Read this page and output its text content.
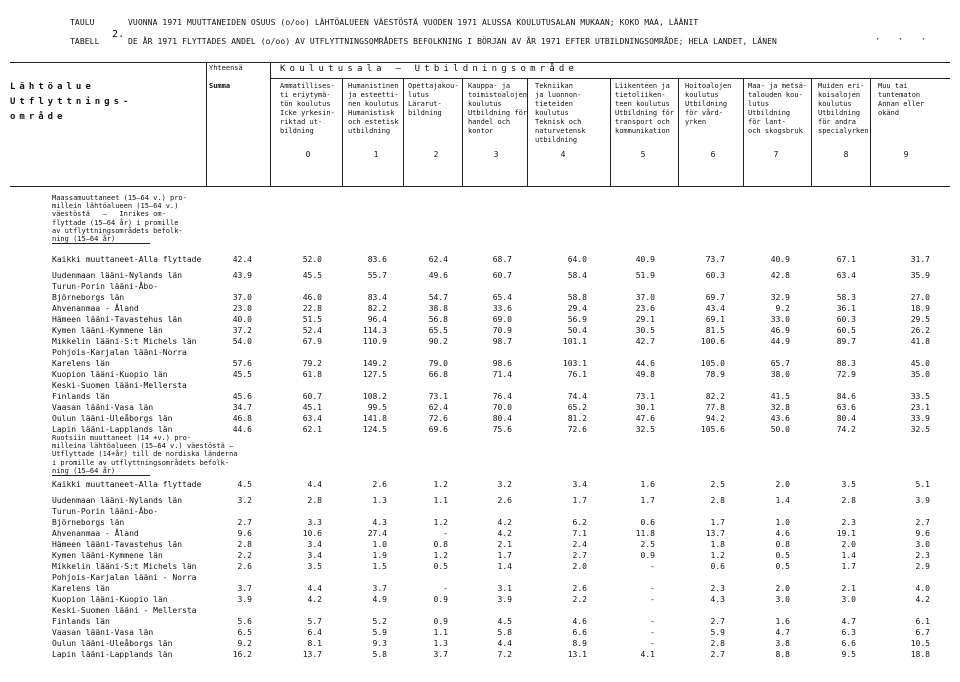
TAULU	VUONNA 1971 MUUTTANEIDEN OSUUS (o/oo) LÄHTÖALUEEN VÄESTÖSTÄ VUODEN 1971 ALUSSA KOULUTUSALAN MUKAAN; KOKO MAA, LÄÄNIT
TABELL
2.
DE ÅR 1971 FLYTTADES ANDEL (o/oo) AV UTFLYTTNINGSOMRÅDETS BEFOLKNING I BÖRJAN AV ÅR 1971 EFTER UTBILDNINGSOMRÅDE; HELA LANDET, LÄNEN	· · ·
Lähtöalue
Utflyttnings-
område
Yhteensä
Summa
Koulutusala – Utbildningsområde
Ammatillises-
ti eriytymä-
tön koulutus
Icke yrkesin-
riktad ut-
bildning
0
Humanistinen
ja esteetti-
nen koulutus
Humanistisk
och estetisk
utbildning
1
Opettajakou-
lutus
Lärarut-
bildning
2
Kauppa- ja
toimistoalojen
koulutus
Utbildning för
handel och
kontor
3
Tekniikan
ja luonnon-
tieteiden
koulutus
Teknisk och
naturvetensk
utbildning
4
Liikenteen ja
tietoliiken-
teen koulutus
Utbildning för
transport och
kommunikation
5
Hoitoalojen
koulutus
Utbildning
för vård-
yrken
6
Maa- ja metsä-
talouden kou-
lutus
Utbildning
för lant-
och skogsbruk
7
Muiden eri-
koisalojen
koulutus
Utbildning
för andra
specialyrken
8
Muu tai
tuntematon
Annan eller
okänd
9
Maassamuuttaneet (15–64 v.) pro-
millein lähtöalueen (15–64 v.)
väestöstä   –   Inrikes om-
flyttade (15–64 år) i promille
av utflyttningsområdets befolk-
ning (15–64 år)
Kaikki muuttaneet-Alla flyttade	42.4	52.0	83.6	62.4	68.7	64.0	40.9	73.7	40.9	67.1	31.7
Uudenmaan lääni-Nylands län	43.9	45.5	55.7	49.6	60.7	58.4	51.9	60.3	42.8	63.4	35.9
Turun-Porin lääni-Åbo-
Björneborgs län	37.0	46.0	83.4	54.7	65.4	58.8	37.0	69.7	32.9	58.3	27.0
Ahvenanmaa - Åland	23.0	22.8	82.2	38.8	33.6	29.4	23.6	43.4	9.2	36.1	18.9
Hämeen lääni-Tavastehus län	40.0	51.5	96.4	56.8	69.0	56.9	29.1	69.1	33.0	60.3	29.5
Kymen lääni-Kymmene län	37.2	52.4	114.3	65.5	70.9	50.4	30.5	81.5	46.9	60.5	26.2
Mikkelin lääni-S:t Michels län	54.0	67.9	110.9	90.2	98.7	101.1	42.7	100.6	44.9	89.7	41.8
Pohjois-Karjalan lääni-Norra
Karelens län	57.6	79.2	149.2	79.0	98.6	103.1	44.6	105.0	65.7	88.3	45.0
Kuopion lääni-Kuopio län	45.5	61.8	127.5	66.8	71.4	76.1	49.8	78.9	38.0	72.9	35.0
Keski-Suomen lääni-Mellersta
Finlands län	45.6	60.7	108.2	73.1	76.4	74.4	73.1	82.2	41.5	84.6	33.5
Vaasan lääni-Vasa län	34.7	45.1	99.5	62.4	70.0	65.2	30.1	77.8	32.8	63.6	23.1
Oulun lääni-Uleåborgs län	46.8	63.4	141.8	72.6	80.4	81.2	47.6	94.2	43.6	80.4	33.9
Lapin lääni-Lapplands län	44.6	62.1	124.5	69.6	75.6	72.6	32.5	105.6	50.0	74.2	32.5
Ruotsiin muuttaneet (14 +v.) pro-
milleina lähtöalueen (15–64 v.) väestöstä –
Utflyttade (14+år) till de nordiska länderna
i promille av utflyttningsområdets befolk-
ning (15–64 år)
Kaikki muuttaneet-Alla flyttade	4.5	4.4	2.6	1.2	3.2	3.4	1.6	2.5	2.0	3.5	5.1
Uudenmaan lääni-Nylands län	3.2	2.8	1.3	1.1	2.6	1.7	1.7	2.8	1.4	2.8	3.9
Turun-Porin lääni-Åbo-
Björneborgs län	2.7	3.3	4.3	1.2	4.2	6.2	0.6	1.7	1.0	2.3	2.7
Ahvenanmaa - Åland	9.6	10.6	27.4	-	4.2	7.1	11.8	13.7	4.6	19.1	9.6
Hämeen lääni-Tavastehus län	2.8	3.4	1.0	0.8	2.1	2.4	2.5	1.8	0.8	2.0	3.0
Kymen lääni-Kymmene län	2.2	3.4	1.9	1.2	1.7	2.7	0.9	1.2	0.5	1.4	2.3
Mikkelin lääni-S:t Michels län	2.6	3.5	1.5	0.5	1.4	2.0	-	0.6	0.5	1.7	2.9
Pohjois-Karjalan lääni - Norra
Karelens län	3.7	4.4	3.7	-	3.1	2.6	-	2.3	2.0	2.1	4.0
Kuopion lääni-Kuopio län	3.9	4.2	4.9	0.9	3.9	2.2	-	4.3	3.0	3.0	4.2
Keski-Suomen lääni - Mellersta
Finlands län	5.6	5.7	5.2	0.9	4.5	4.6	-	2.7	1.6	4.7	6.1
Vaasan lääni-Vasa län	6.5	6.4	5.9	1.1	5.8	6.6	-	5.9	4.7	6.3	6.7
Oulun lääni-Uleåborgs län	9.2	8.1	9.3	1.3	4.4	8.9	-	2.8	3.8	6.6	10.5
Lapin lääni-Lapplands län	16.2	13.7	5.8	3.7	7.2	13.1	4.1	2.7	8.8	9.5	18.8
